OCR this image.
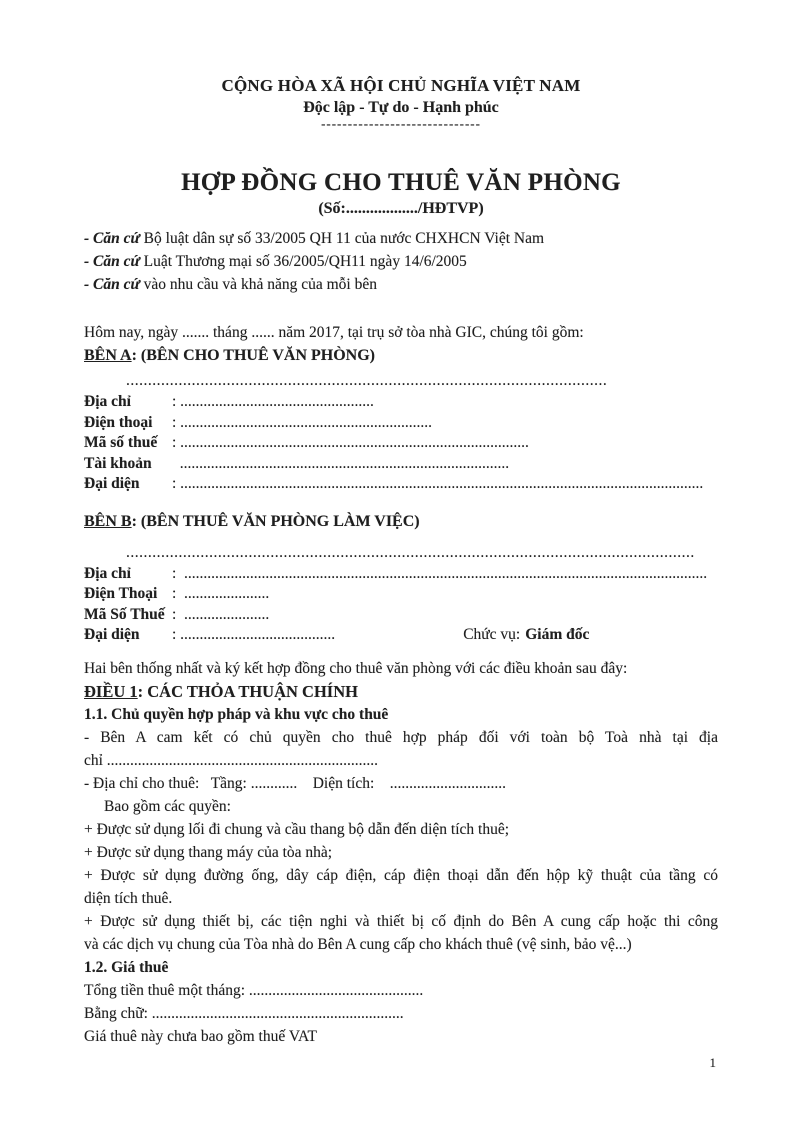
CỘNG HÒA XÃ HỘI CHỦ NGHĨA VIỆT NAM
Độc lập - Tự do - Hạnh phúc
------------------------------
HỢP ĐỒNG CHO THUÊ VĂN PHÒNG
(Số:................../HĐTVP)
- Căn cứ Bộ luật dân sự số 33/2005 QH 11 của nước CHXHCN Việt Nam
- Căn cứ Luật Thương mại số 36/2005/QH11 ngày 14/6/2005
- Căn cứ vào nhu cầu và khả năng của mỗi bên
Hôm nay, ngày ....... tháng ...... năm 2017, tại trụ sở tòa nhà GIC, chúng tôi gồm:
BÊN A: (BÊN CHO THUÊ VĂN PHÒNG)
..............................................................................................................
Địa chỉ	: ..................................................
Điện thoại	: .................................................................
Mã số thuế : ..........................................................................................
Tài khoản	.....................................................................................
Đại diện	: .......................................................................................................................................
BÊN B: (BÊN THUÊ VĂN PHÒNG LÀM VIỆC)
..................................................................................................................................
Địa chỉ	:  .......................................................................................................................................
Điện Thoại :  ......................
Mã Số Thuế :  ......................
Đại diện	: ........................................	Chức vụ: Giám đốc
Hai bên thống nhất và ký kết hợp đồng cho thuê văn phòng với các điều khoản sau đây:
ĐIỀU 1: CÁC THỎA THUẬN CHÍNH
1.1. Chủ quyền hợp pháp và khu vực cho thuê
- Bên A cam kết có chủ quyền cho thuê hợp pháp đối với toàn bộ Toà nhà tại địa
chỉ ......................................................................
- Địa chỉ cho thuê:   Tầng: ............    Diện tích:    ..............................
Bao gồm các quyền:
+ Được sử dụng lối đi chung và cầu thang bộ dẫn đến diện tích thuê;
+ Được sử dụng thang máy của tòa nhà;
+ Được sử dụng đường ống, dây cáp điện, cáp điện thoại dẫn đến hộp kỹ thuật của tầng có
diện tích thuê.
+ Được sử dụng thiết bị, các tiện nghi và thiết bị cố định do Bên A cung cấp hoặc thi công
và các dịch vụ chung của Tòa nhà do Bên A cung cấp cho khách thuê (vệ sinh, bảo vệ...)
1.2. Giá thuê
Tổng tiền thuê một tháng: .............................................
Bằng chữ: .................................................................
Giá thuê này chưa bao gồm thuế VAT
1
